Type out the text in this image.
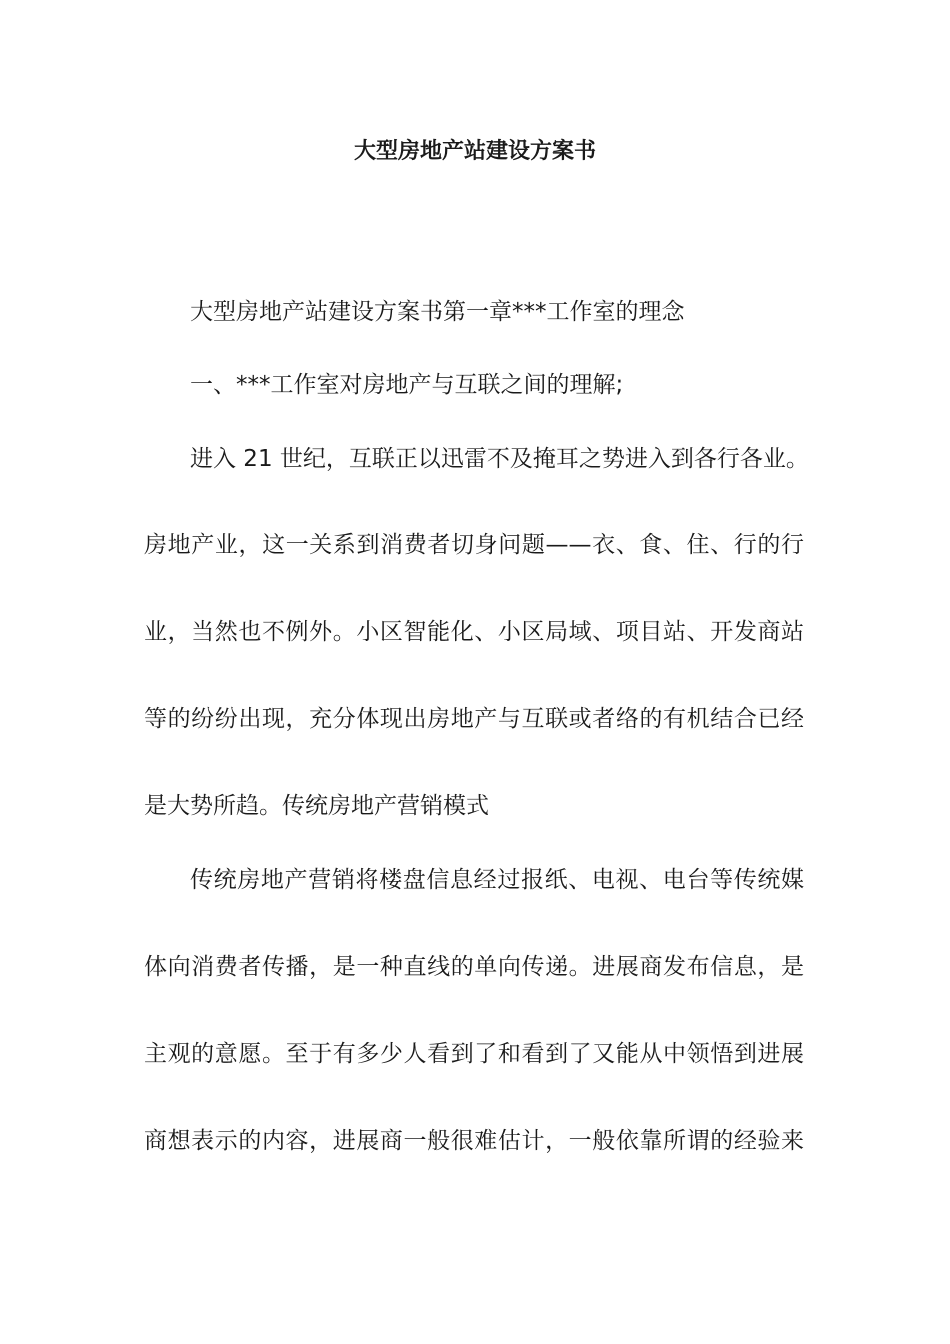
大型房地产站建设方案书
大型房地产站建设方案书第一章***工作室的理念
一、***工作室对房地产与互联之间的理解;
进入 21 世纪，互联正以迅雷不及掩耳之势进入到各行各业。
房地产业，这一关系到消费者切身问题——衣、食、住、行的行
业，当然也不例外。小区智能化、小区局域、项目站、开发商站
等的纷纷出现，充分体现出房地产与互联或者络的有机结合已经
是大势所趋。传统房地产营销模式
传统房地产营销将楼盘信息经过报纸、电视、电台等传统媒
体向消费者传播，是一种直线的单向传递。进展商发布信息，是
主观的意愿。至于有多少人看到了和看到了又能从中领悟到进展
商想表示的内容，进展商一般很难估计，一般依靠所谓的经验来
